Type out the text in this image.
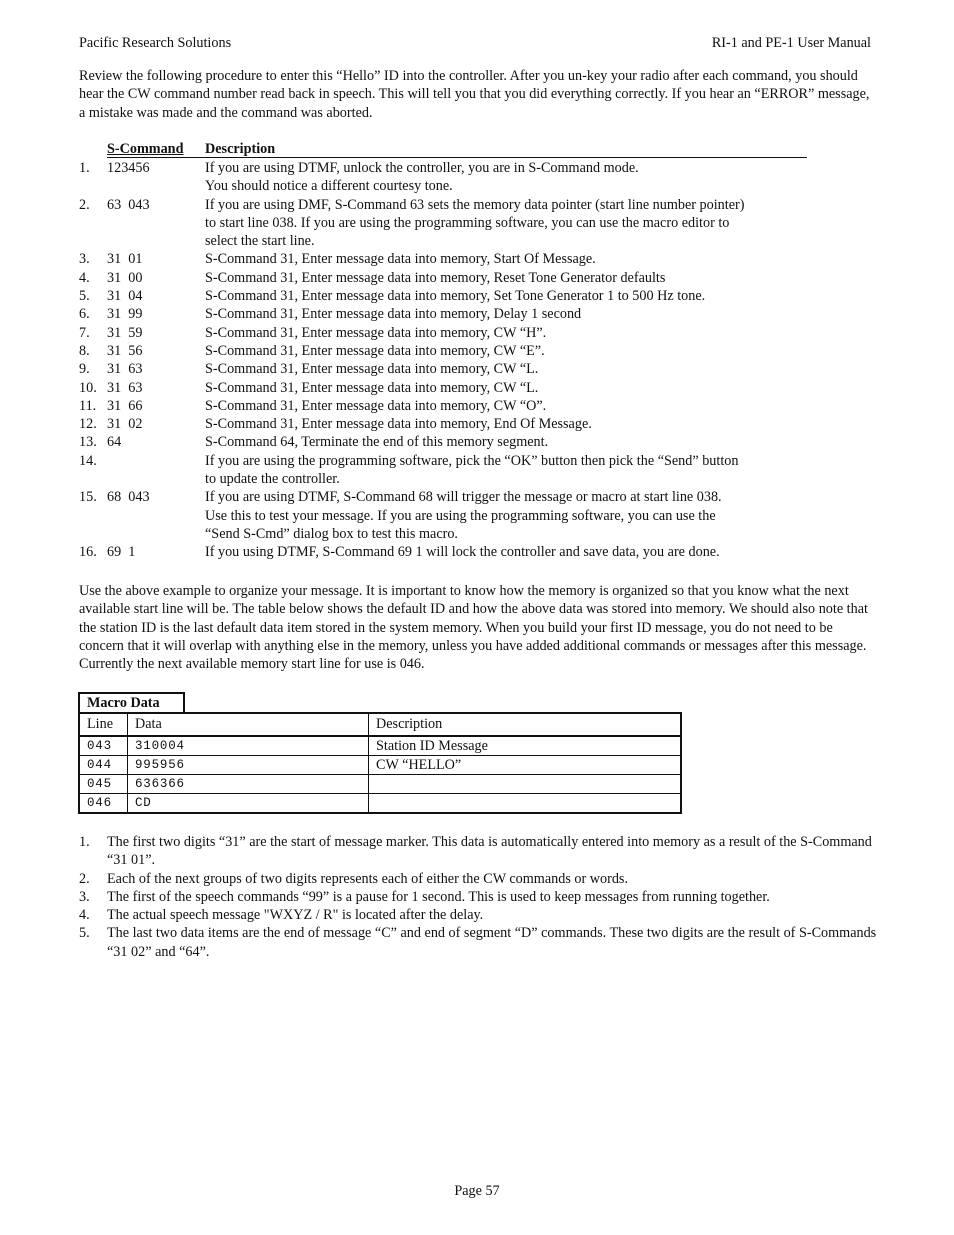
Pacific Research Solutions	RI-1 and PE-1 User Manual

Review the following procedure to enter this “Hello” ID into the controller. After you un-key your radio after each command, you should hear the CW command number read back in speech. This will tell you that you did everything correctly. If you hear an “ERROR” message, a mistake was made and the command was aborted.

S-Command Description
1. 123456	If you are using DTMF, unlock the controller, you are in S-Command mode.
You should notice a different courtesy tone.
2. 63  043	If you are using DMF, S-Command 63 sets the memory data pointer (start line number pointer)
to start line 038. If you are using the programming software, you can use the macro editor to
select the start line.
3. 31  01	S-Command 31, Enter message data into memory, Start Of Message.
4. 31  00	S-Command 31, Enter message data into memory, Reset Tone Generator defaults
5. 31  04	S-Command 31, Enter message data into memory, Set Tone Generator 1 to 500 Hz tone.
6. 31  99	S-Command 31, Enter message data into memory, Delay 1 second
7. 31  59	S-Command 31, Enter message data into memory, CW “H”.
8. 31  56	S-Command 31, Enter message data into memory, CW “E”.
9. 31  63	S-Command 31, Enter message data into memory, CW “L.
10. 31  63	S-Command 31, Enter message data into memory, CW “L.
11. 31  66	S-Command 31, Enter message data into memory, CW “O”.
12. 31  02	S-Command 31, Enter message data into memory, End Of Message.
13. 64	S-Command 64, Terminate the end of this memory segment.
14.	If you are using the programming software, pick the “OK” button then pick the “Send” button
to update the controller.
15. 68  043	If you are using DTMF, S-Command 68 will trigger the message or macro at start line 038.
Use this to test your message. If you are using the programming software, you can use the
“Send S-Cmd” dialog box to test this macro.
16. 69  1	If you using DTMF, S-Command 69 1 will lock the controller and save data, you are done.

Use the above example to organize your message. It is important to know how the memory is organized so that you know what the next available start line will be. The table below shows the default ID and how the above data was stored into memory. We should also note that the station ID is the last default data item stored in the system memory. When you build your first ID message, you do not need to be concern that it will overlap with anything else in the memory, unless you have added additional commands or messages after this message. Currently the next available memory start line for use is 046.

Macro Data
Line	Data	Description
043	310004	Station ID Message
044	995956	CW “HELLO”
045	636366	
046	CD	
1. The first two digits “31” are the start of message marker. This data is automatically entered into memory as a result of the S-Command “31 01”.
2. Each of the next groups of two digits represents each of either the CW commands or words.
3. The first of the speech commands “99” is a pause for 1 second. This is used to keep messages from running together.
4. The actual speech message "WXYZ / R" is located after the delay.
5. The last two data items are the end of message “C” and end of segment “D” commands. These two digits are the result of S-Commands “31 02” and “64”.
Page 57
